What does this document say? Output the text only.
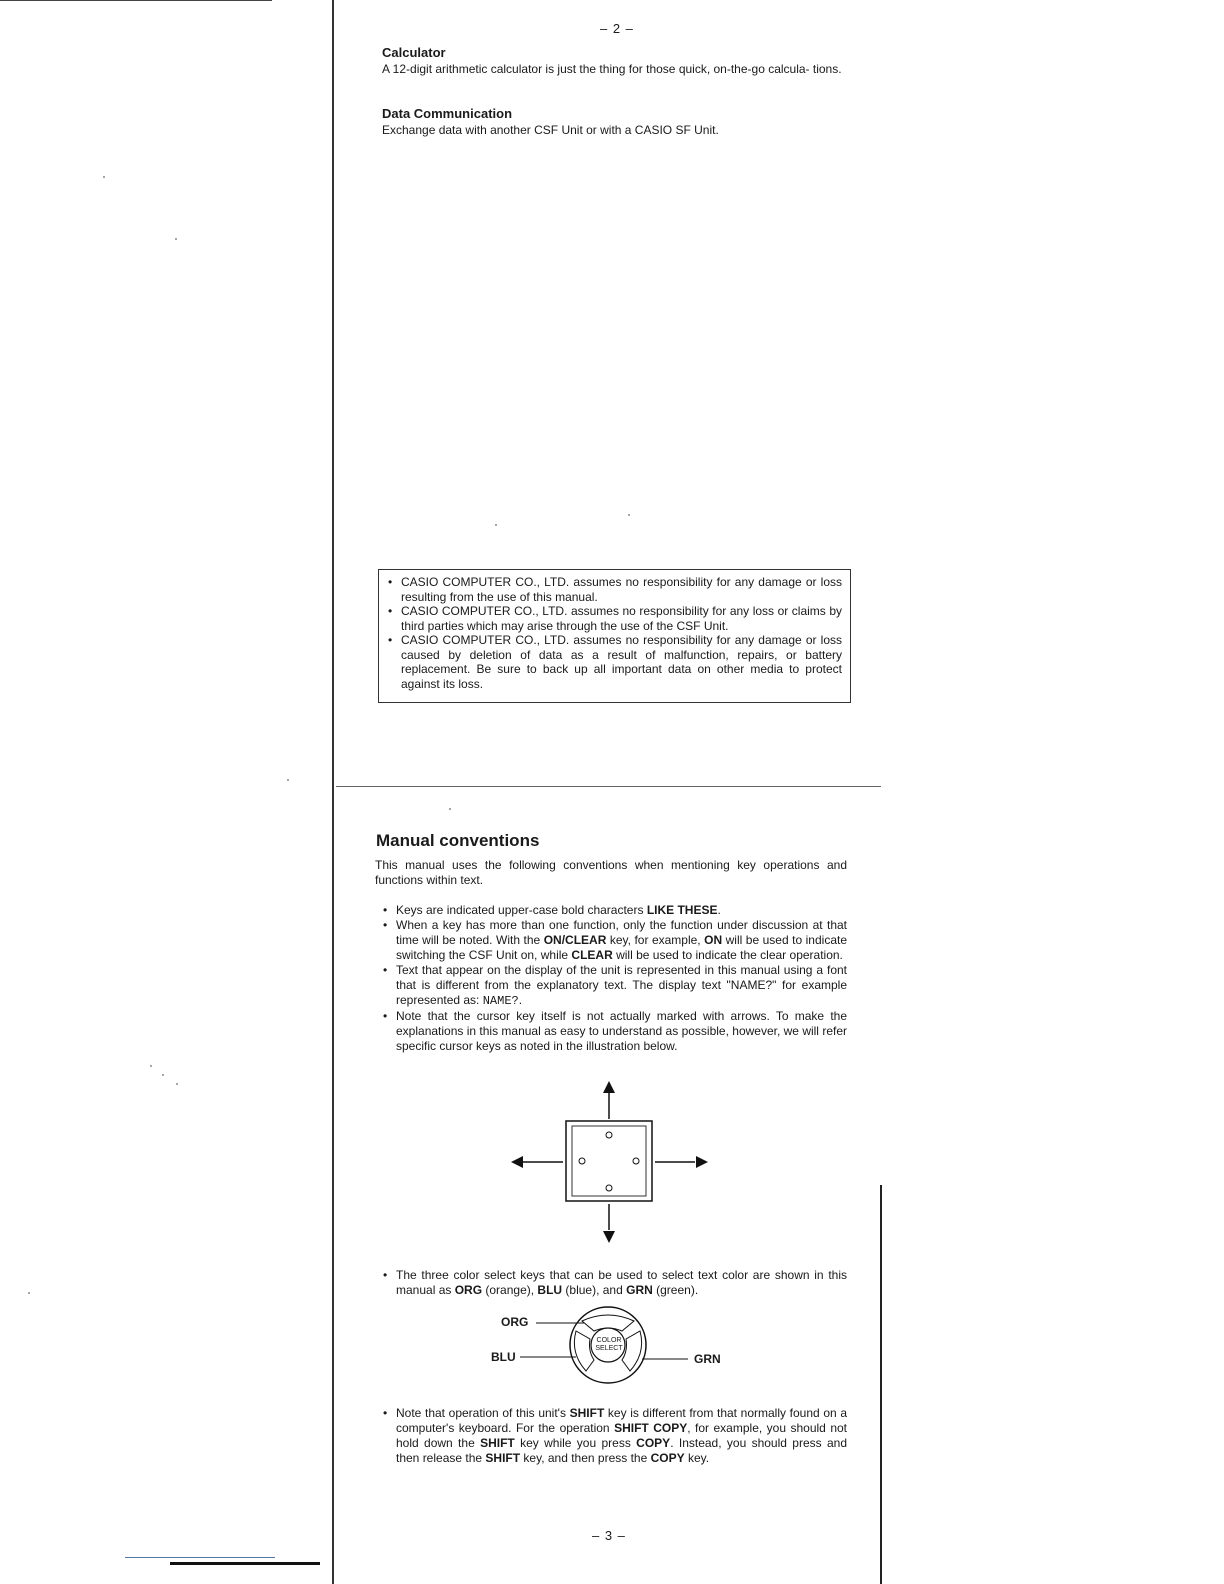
– 2 –
Calculator
A 12-digit arithmetic calculator is just the thing for those quick, on-the-go calcula- tions.
Data Communication
Exchange data with another CSF Unit or with a CASIO SF Unit.
• CASIO COMPUTER CO., LTD. assumes no responsibility for any damage or loss resulting from the use of this manual.
• CASIO COMPUTER CO., LTD. assumes no responsibility for any loss or claims by third parties which may arise through the use of the CSF Unit.
• CASIO COMPUTER CO., LTD. assumes no responsibility for any damage or loss caused by deletion of data as a result of malfunction, repairs, or battery replacement. Be sure to back up all important data on other media to protect against its loss.
Manual conventions
This manual uses the following conventions when mentioning key operations and functions within text.
• Keys are indicated upper-case bold characters LIKE THESE.
• When a key has more than one function, only the function under discussion at that time will be noted. With the ON/CLEAR key, for example, ON will be used to indicate switching the CSF Unit on, while CLEAR will be used to indicate the clear operation.
• Text that appear on the display of the unit is represented in this manual using a font that is different from the explanatory text. The display text "NAME?" for example represented as: NAME?.
• Note that the cursor key itself is not actually marked with arrows. To make the explanations in this manual as easy to understand as possible, however, we will refer specific cursor keys as noted in the illustration below.
• The three color select keys that can be used to select text color are shown in this manual as ORG (orange), BLU (blue), and GRN (green).
COLOR
SELECT
ORG
BLU	GRN
• Note that operation of this unit's SHIFT key is different from that normally found on a computer's keyboard. For the operation SHIFT COPY, for example, you should not hold down the SHIFT key while you press COPY. Instead, you should press and then release the SHIFT key, and then press the COPY key.
– 3 –
